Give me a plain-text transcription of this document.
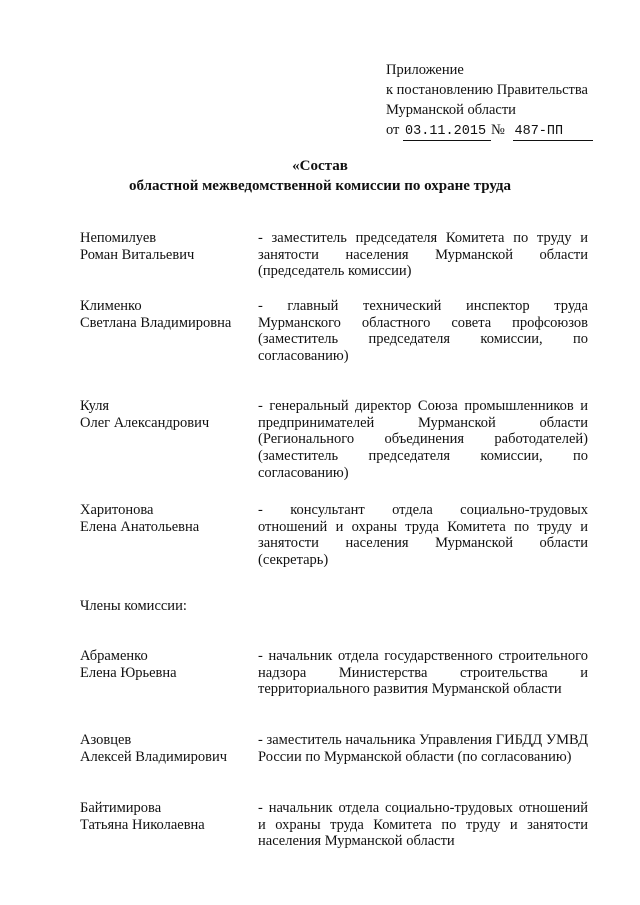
Приложение
к постановлению Правительства
Мурманской области
от 03.11.2015 № 487-ПП
«Состав
областной межведомственной комиссии по охране труда
Непомилуев
Роман Витальевич
- заместитель председателя Комитета по труду и занятости населения Мурманской области (председатель комиссии)
Клименко
Светлана Владимировна
- главный технический инспектор труда Мурманского областного совета профсоюзов (заместитель председателя комиссии, по согласованию)
Куля
Олег Александрович
- генеральный директор Союза промышленников и предпринимателей Мурманской области (Регионального объединения работодателей) (заместитель председателя комиссии, по согласованию)
Харитонова
Елена Анатольевна
- консультант отдела социально-трудовых отношений и охраны труда Комитета по труду и занятости населения Мурманской области (секретарь)
Члены комиссии:
Абраменко
Елена Юрьевна
- начальник отдела государственного строительного надзора Министерства строительства и территориального развития Мурманской области
Азовцев
Алексей Владимирович
- заместитель начальника Управления ГИБДД УМВД России по Мурманской области (по согласованию)
Байтимирова
Татьяна Николаевна
- начальник отдела социально-трудовых отношений и охраны труда Комитета по труду и занятости населения Мурманской области
